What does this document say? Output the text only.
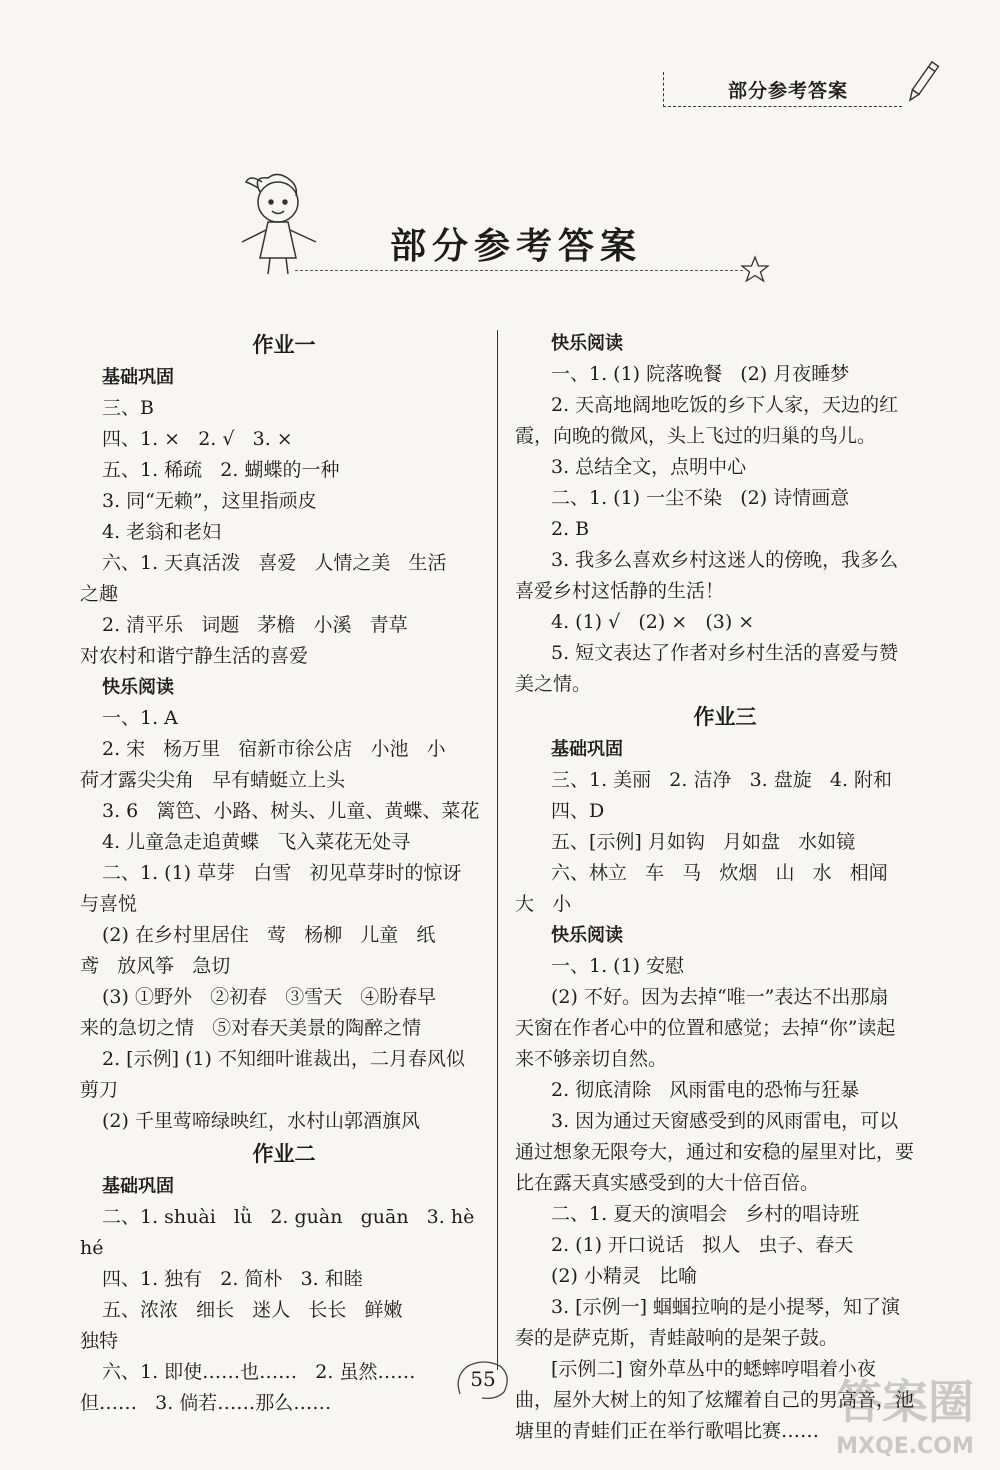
部分参考答案
部分参考答案
作业一
基础巩固
三、B
四、1. ×   2. √   3. ×
五、1. 稀疏   2. 蝴蝶的一种
3. 同“无赖”，这里指顽皮
4. 老翁和老妇
六、1. 天真活泼   喜爱   人情之美   生活
之趣
2. 清平乐   词题   茅檐   小溪   青草
对农村和谐宁静生活的喜爱
快乐阅读
一、1. A
2. 宋   杨万里   宿新市徐公店   小池   小
荷才露尖尖角   早有蜻蜓立上头
3. 6   篱笆、小路、树头、儿童、黄蝶、菜花
4. 儿童急走追黄蝶   飞入菜花无处寻
二、1. (1) 草芽   白雪   初见草芽时的惊讶
与喜悦
(2) 在乡村里居住   莺   杨柳   儿童   纸
鸢   放风筝   急切
(3) ①野外   ②初春   ③雪天   ④盼春早
来的急切之情   ⑤对春天美景的陶醉之情
2. [示例] (1) 不知细叶谁裁出，二月春风似
剪刀
(2) 千里莺啼绿映红，水村山郭酒旗风
作业二
基础巩固
二、1. shuài   lǜ   2. guàn   guān   3. hè
hé
四、1. 独有   2. 简朴   3. 和睦
五、浓浓   细长   迷人   长长   鲜嫩
独特
六、1. 即使……也……   2. 虽然……
但……   3. 倘若……那么……
快乐阅读
一、1. (1) 院落晚餐   (2) 月夜睡梦
2. 天高地阔地吃饭的乡下人家，天边的红
霞，向晚的微风，头上飞过的归巢的鸟儿。
3. 总结全文，点明中心
二、1. (1) 一尘不染   (2) 诗情画意
2. B
3. 我多么喜欢乡村这迷人的傍晚，我多么
喜爱乡村这恬静的生活！
4. (1) √   (2) ×   (3) ×
5. 短文表达了作者对乡村生活的喜爱与赞
美之情。
作业三
基础巩固
三、1. 美丽   2. 洁净   3. 盘旋   4. 附和
四、D
五、[示例] 月如钩   月如盘   水如镜
六、林立   车   马   炊烟   山   水   相闻
大   小
快乐阅读
一、1. (1) 安慰
(2) 不好。因为去掉“唯一”表达不出那扇
天窗在作者心中的位置和感觉；去掉“你”读起
来不够亲切自然。
2. 彻底清除   风雨雷电的恐怖与狂暴
3. 因为通过天窗感受到的风雨雷电，可以
通过想象无限夸大，通过和安稳的屋里对比，要
比在露天真实感受到的大十倍百倍。
二、1. 夏天的演唱会   乡村的唱诗班
2. (1) 开口说话   拟人   虫子、春天
(2) 小精灵   比喻
3. [示例一] 蝈蝈拉响的是小提琴，知了演
奏的是萨克斯，青蛙敲响的是架子鼓。
[示例二] 窗外草丛中的蟋蟀哼唱着小夜
曲，屋外大树上的知了炫耀着自己的男高音，池
塘里的青蛙们正在举行歌唱比赛……
55	答案圈
MXQE.COM
